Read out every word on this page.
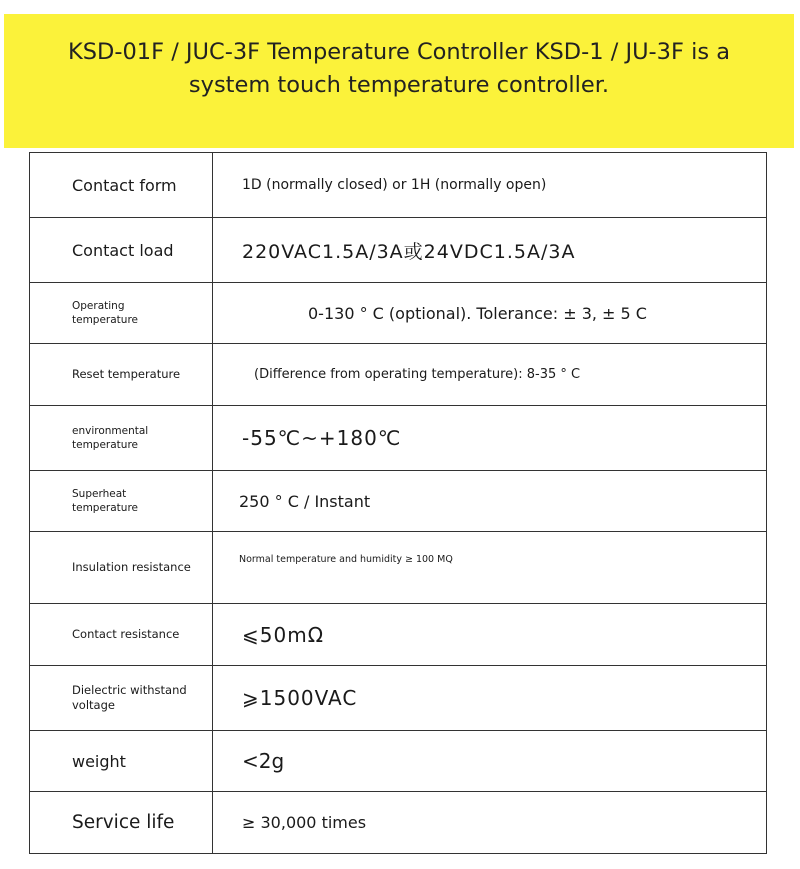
KSD-01F / JUC-3F Temperature Controller KSD-1 / JU-3F is a system touch temperature controller.
Contact form	1D (normally closed) or 1H (normally open)

Contact load	220VAC1.5A/3A或24VDC1.5A/3A

Operating temperature	0-130 ° C (optional). Tolerance: ± 3, ± 5 C

Reset temperature	(Difference from operating temperature): 8-35 ° C

environmental temperature	-55℃~+180℃

Superheat temperature	250 ° C / Instant

Insulation resistance	Normal temperature and humidity ≥ 100 MQ

Contact resistance	⩽50mΩ

Dielectric withstand voltage	⩾1500VAC

weight	<2g

Service life	≥ 30,000 times
